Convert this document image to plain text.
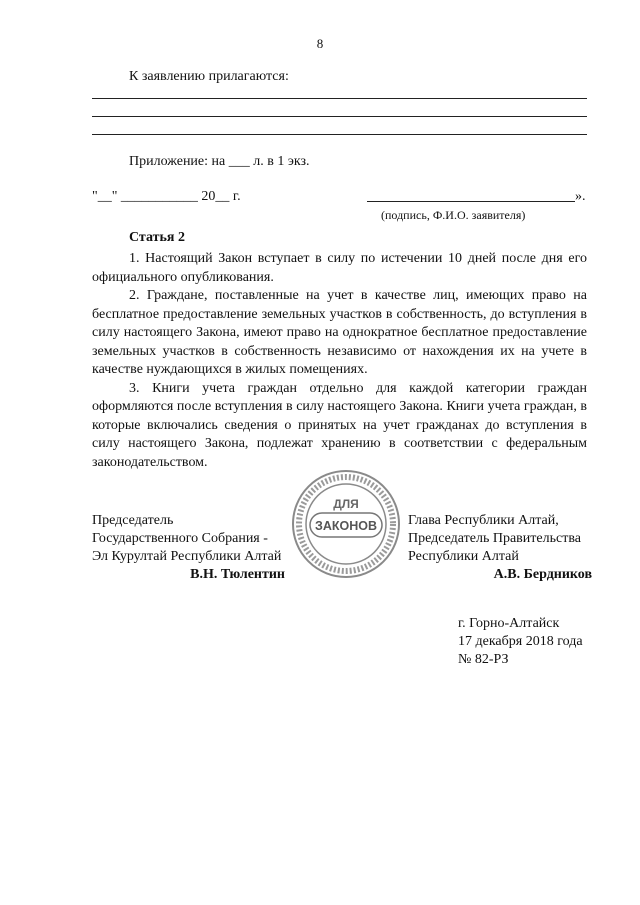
8
К заявлению прилагаются:
Приложение: на ___ л. в 1 экз.
"__" ___________ 20__ г.	».
(подпись, Ф.И.О. заявителя)
Статья 2

1. Настоящий Закон вступает в силу по истечении 10 дней после дня его официального опубликования.

2. Граждане, поставленные на учет в качестве лиц, имеющих право на бесплатное предоставление земельных участков в собственность, до вступления в силу настоящего Закона, имеют право на однократное бесплатное предоставление земельных участков в собственность независимо от нахождения их на учете в качестве нуждающихся в жилых помещениях.

3. Книги учета граждан отдельно для каждой категории граждан оформляются после вступления в силу настоящего Закона. Книги учета граждан, в которые включались сведения о принятых на учет гражданах до вступления в силу настоящего Закона, подлежат хранению в соответствии с федеральным законодательством.

Председатель
Государственного Собрания -
Эл Курултай Республики Алтай
В.Н. Тюлентин
ДЛЯ
ЗАКОНОВ Глава Республики Алтай,
Председатель Правительства
Республики Алтай
А.В. Бердников
г. Горно-Алтайск
17 декабря 2018 года
№ 82-РЗ
